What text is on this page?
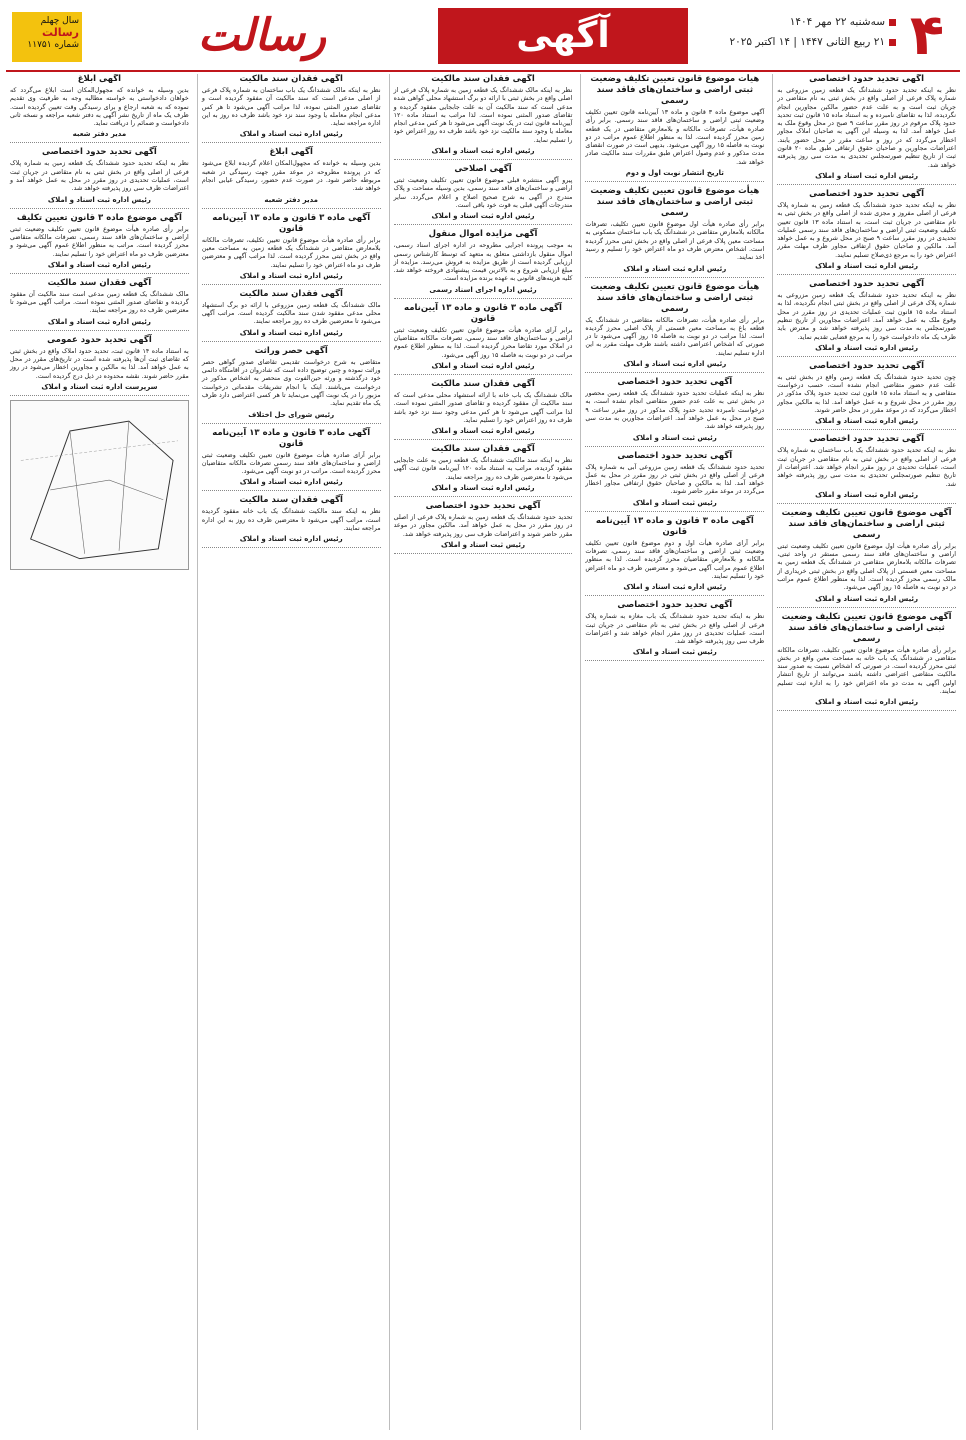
۴
سه‌شنبه ۲۲ مهر ۱۴۰۴
۲۱ ربیع الثانی ۱۴۴۷ | ۱۴ اکتبر ۲۰۲۵
آگهی
رسالت
سال چهلم
رسالت
شماره ۱۱۷۵۱
آگهی تحدید حدود اختصاصی

نظر به اینکه تحدید حدود ششدانگ یک قطعه زمین مزروعی به شماره پلاک فرعی از اصلی واقع در بخش ثبتی به نام متقاضی در جریان ثبت است و به علت عدم حضور مالکین مجاورین انجام نگردیده، لذا به تقاضای نامبرده و به استناد ماده ۱۵ قانون ثبت تحدید حدود پلاک مرقوم در روز مقرر ساعت ۹ صبح در محل وقوع ملک به عمل خواهد آمد. لذا به وسیله این آگهی به صاحبان املاک مجاور اخطار می‌گردد که در روز و ساعت مقرر در محل حضور یابند. اعتراضات مجاورین و صاحبان حقوق ارتفاقی طبق ماده ۲۰ قانون ثبت از تاریخ تنظیم صورتمجلس تحدیدی به مدت سی روز پذیرفته خواهد شد.

رئیس اداره ثبت اسناد و املاک

آگهی تحدید حدود اختصاصی

نظر به اینکه تحدید حدود ششدانگ یک قطعه زمین به شماره پلاک فرعی از اصلی مفروز و مجزی شده از اصلی واقع در بخش ثبتی به نام متقاضی در جریان ثبت است، به استناد ماده ۱۳ قانون تعیین تکلیف وضعیت ثبتی اراضی و ساختمان‌های فاقد سند رسمی عملیات تحدیدی در روز مقرر ساعت ۹ صبح در محل شروع و به عمل خواهد آمد. مالکین و صاحبان حقوق ارتفاقی مجاور ظرف مهلت مقرر اعتراض خود را به مرجع ذی‌صلاح تسلیم نمایند.

رئیس اداره ثبت اسناد و املاک

آگهی تحدید حدود اختصاصی

نظر به اینکه تحدید حدود ششدانگ یک قطعه زمین مزروعی به شماره پلاک فرعی از اصلی واقع در بخش ثبتی انجام نگردیده، لذا به استناد ماده ۱۵ قانون ثبت عملیات تحدیدی در روز مقرر در محل وقوع ملک به عمل خواهد آمد. اعتراضات مجاورین از تاریخ تنظیم صورتمجلس به مدت سی روز پذیرفته خواهد شد و معترض باید ظرف یک ماه دادخواست خود را به مرجع قضایی تقدیم نماید.

رئیس اداره ثبت اسناد و املاک

آگهی تحدید حدود اختصاصی

چون تحدید حدود ششدانگ یک قطعه زمین واقع در بخش ثبتی به علت عدم حضور متقاضی انجام نشده است، حسب درخواست متقاضی و به استناد ماده ۱۵ قانون ثبت تحدید حدود پلاک مذکور در روز مقرر در محل شروع و به عمل خواهد آمد. لذا به مالکین مجاور اخطار می‌گردد که در موعد مقرر در محل حاضر شوند.

رئیس اداره ثبت اسناد و املاک

آگهی تحدید حدود اختصاصی

نظر به اینکه تحدید حدود ششدانگ یک باب ساختمان به شماره پلاک فرعی از اصلی واقع در بخش ثبتی به نام متقاضی در جریان ثبت است، عملیات تحدیدی در روز مقرر انجام خواهد شد. اعتراضات از تاریخ تنظیم صورتمجلس تحدیدی به مدت سی روز پذیرفته خواهد شد.

رئیس اداره ثبت اسناد و املاک

آگهی موضوع قانون تعیین تکلیف وضعیت ثبتی اراضی و ساختمان‌های فاقد سند رسمی

برابر رأی صادره هیأت اول موضوع قانون تعیین تکلیف وضعیت ثبتی اراضی و ساختمان‌های فاقد سند رسمی مستقر در واحد ثبتی، تصرفات مالکانه بلامعارض متقاضی در ششدانگ یک قطعه زمین به مساحت معین قسمتی از پلاک اصلی واقع در بخش ثبتی خریداری از مالک رسمی محرز گردیده است. لذا به منظور اطلاع عموم مراتب در دو نوبت به فاصله ۱۵ روز آگهی می‌شود.

رئیس اداره ثبت اسناد و املاک

آگهی موضوع قانون تعیین تکلیف وضعیت ثبتی اراضی و ساختمان‌های فاقد سند رسمی

برابر رأی صادره هیأت موضوع قانون تعیین تکلیف، تصرفات مالکانه متقاضی در ششدانگ یک باب خانه به مساحت معین واقع در بخش ثبتی محرز گردیده است. در صورتی که اشخاص نسبت به صدور سند مالکیت متقاضی اعتراضی داشته باشند می‌توانند از تاریخ انتشار اولین آگهی به مدت دو ماه اعتراض خود را به اداره ثبت تسلیم نمایند.

رئیس اداره ثبت اسناد و املاک

هیأت موضوع قانون تعیین تکلیف وضعیت ثبتی اراضی و ساختمان‌های فاقد سند رسمی

آگهی موضوع ماده ۳ قانون و ماده ۱۳ آیین‌نامه قانون تعیین تکلیف وضعیت ثبتی اراضی و ساختمان‌های فاقد سند رسمی. برابر رأی صادره هیأت، تصرفات مالکانه و بلامعارض متقاضی در یک قطعه زمین محرز گردیده است. لذا به منظور اطلاع عموم مراتب در دو نوبت به فاصله ۱۵ روز آگهی می‌شود. بدیهی است در صورت انقضای مدت مذکور و عدم وصول اعتراض طبق مقررات سند مالکیت صادر خواهد شد.

تاریخ انتشار نوبت اول و دوم

هیأت موضوع قانون تعیین تکلیف وضعیت ثبتی اراضی و ساختمان‌های فاقد سند رسمی

برابر رأی صادره هیأت اول موضوع قانون تعیین تکلیف، تصرفات مالکانه بلامعارض متقاضی در ششدانگ یک باب ساختمان مسکونی به مساحت معین پلاک فرعی از اصلی واقع در بخش ثبتی محرز گردیده است. اشخاص معترض ظرف دو ماه اعتراض خود را تسلیم و رسید اخذ نمایند.

رئیس اداره ثبت اسناد و املاک

هیأت موضوع قانون تعیین تکلیف وضعیت ثبتی اراضی و ساختمان‌های فاقد سند رسمی

برابر رأی صادره هیأت، تصرفات مالکانه متقاضی در ششدانگ یک قطعه باغ به مساحت معین قسمتی از پلاک اصلی محرز گردیده است. لذا مراتب در دو نوبت به فاصله ۱۵ روز آگهی می‌شود تا در صورتی که اشخاص اعتراضی داشته باشند ظرف مهلت مقرر به این اداره تسلیم نمایند.

رئیس اداره ثبت اسناد و املاک

آگهی تحدید حدود اختصاصی

نظر به اینکه عملیات تحدید حدود ششدانگ یک قطعه زمین محصور در بخش ثبتی به علت عدم حضور متقاضی انجام نشده است، به درخواست نامبرده تحدید حدود پلاک مذکور در روز مقرر ساعت ۹ صبح در محل به عمل خواهد آمد. اعتراضات مجاورین به مدت سی روز پذیرفته خواهد شد.

رئیس ثبت اسناد و املاک

آگهی تحدید حدود اختصاصی

تحدید حدود ششدانگ یک قطعه زمین مزروعی آبی به شماره پلاک فرعی از اصلی واقع در بخش ثبتی در روز مقرر در محل به عمل خواهد آمد. لذا به مالکین و صاحبان حقوق ارتفاقی مجاور اخطار می‌گردد در موعد مقرر حاضر شوند.

رئیس ثبت اسناد و املاک

آگهی ماده ۳ قانون و ماده ۱۳ آیین‌نامه قانون

برابر آرای صادره هیأت اول و دوم موضوع قانون تعیین تکلیف وضعیت ثبتی اراضی و ساختمان‌های فاقد سند رسمی، تصرفات مالکانه و بلامعارض متقاضیان محرز گردیده است. لذا به منظور اطلاع عموم مراتب آگهی می‌شود و معترضین ظرف دو ماه اعتراض خود را تسلیم نمایند.

رئیس اداره ثبت اسناد و املاک

آگهی تحدید حدود اختصاصی

نظر به اینکه تحدید حدود ششدانگ یک باب مغازه به شماره پلاک فرعی از اصلی واقع در بخش ثبتی به نام متقاضی در جریان ثبت است، عملیات تحدیدی در روز مقرر انجام خواهد شد و اعتراضات ظرف سی روز پذیرفته خواهد شد.

رئیس ثبت اسناد و املاک

آگهی فقدان سند مالکیت

نظر به اینکه مالک ششدانگ یک قطعه زمین به شماره پلاک فرعی از اصلی واقع در بخش ثبتی با ارائه دو برگ استشهاد محلی گواهی شده مدعی است که سند مالکیت آن به علت جابجایی مفقود گردیده و تقاضای صدور المثنی نموده است. لذا مراتب به استناد ماده ۱۲۰ آیین‌نامه قانون ثبت در یک نوبت آگهی می‌شود تا هر کس مدعی انجام معامله یا وجود سند مالکیت نزد خود باشد ظرف ده روز اعتراض خود را تسلیم نماید.

رئیس اداره ثبت اسناد و املاک

آگهی اصلاحی

پیرو آگهی منتشره قبلی موضوع قانون تعیین تکلیف وضعیت ثبتی اراضی و ساختمان‌های فاقد سند رسمی، بدین وسیله مساحت و پلاک مندرج در آگهی به شرح صحیح اصلاح و اعلام می‌گردد. سایر مندرجات آگهی قبلی به قوت خود باقی است.

رئیس اداره ثبت اسناد و املاک

آگهی مزایده اموال منقول

به موجب پرونده اجرایی مطروحه در اداره اجرای اسناد رسمی، اموال منقول بازداشتی متعلق به متعهد که توسط کارشناس رسمی ارزیابی گردیده است از طریق مزایده به فروش می‌رسد. مزایده از مبلغ ارزیابی شروع و به بالاترین قیمت پیشنهادی فروخته خواهد شد. کلیه هزینه‌های قانونی به عهده برنده مزایده است.

رئیس اداره اجرای اسناد رسمی

آگهی ماده ۳ قانون و ماده ۱۳ آیین‌نامه قانون

برابر آرای صادره هیأت موضوع قانون تعیین تکلیف وضعیت ثبتی اراضی و ساختمان‌های فاقد سند رسمی، تصرفات مالکانه متقاضیان در املاک مورد تقاضا محرز گردیده است. لذا به منظور اطلاع عموم مراتب در دو نوبت به فاصله ۱۵ روز آگهی می‌شود.

رئیس اداره ثبت اسناد و املاک

آگهی فقدان سند مالکیت

مالک ششدانگ یک باب خانه با ارائه استشهاد محلی مدعی است که سند مالکیت آن مفقود گردیده و تقاضای صدور المثنی نموده است. لذا مراتب آگهی می‌شود تا هر کس مدعی وجود سند نزد خود باشد ظرف ده روز اعتراض خود را تسلیم نماید.

رئیس اداره ثبت اسناد و املاک

آگهی فقدان سند مالکیت

نظر به اینکه سند مالکیت ششدانگ یک قطعه زمین به علت جابجایی مفقود گردیده، مراتب به استناد ماده ۱۲۰ آیین‌نامه قانون ثبت آگهی می‌شود تا معترضین ظرف ده روز مراجعه نمایند.

رئیس اداره ثبت اسناد و املاک

آگهی تحدید حدود اختصاصی

تحدید حدود ششدانگ یک قطعه زمین به شماره پلاک فرعی از اصلی در روز مقرر در محل به عمل خواهد آمد. مالکین مجاور در موعد مقرر حاضر شوند و اعتراضات ظرف سی روز پذیرفته خواهد شد.

رئیس ثبت اسناد و املاک

آگهی فقدان سند مالکیت

نظر به اینکه مالک ششدانگ یک باب ساختمان به شماره پلاک فرعی از اصلی مدعی است که سند مالکیت آن مفقود گردیده است و تقاضای صدور المثنی نموده، لذا مراتب آگهی می‌شود تا هر کس مدعی انجام معامله یا وجود سند نزد خود باشد ظرف ده روز به این اداره مراجعه نماید.

رئیس اداره ثبت اسناد و املاک

آگهی ابلاغ

بدین وسیله به خوانده که مجهول‌المکان اعلام گردیده ابلاغ می‌شود که در پرونده مطروحه در موعد مقرر جهت رسیدگی در شعبه مربوطه حاضر شود. در صورت عدم حضور، رسیدگی غیابی انجام خواهد شد.

مدیر دفتر شعبه

آگهی ماده ۳ قانون و ماده ۱۳ آیین‌نامه قانون

برابر رأی صادره هیأت موضوع قانون تعیین تکلیف، تصرفات مالکانه بلامعارض متقاضی در ششدانگ یک قطعه زمین به مساحت معین واقع در بخش ثبتی محرز گردیده است. لذا مراتب آگهی و معترضین ظرف دو ماه اعتراض خود را تسلیم نمایند.

رئیس اداره ثبت اسناد و املاک

آگهی فقدان سند مالکیت

مالک ششدانگ یک قطعه زمین مزروعی با ارائه دو برگ استشهاد محلی مدعی مفقود شدن سند مالکیت گردیده است. مراتب آگهی می‌شود تا معترضین ظرف ده روز مراجعه نمایند.

رئیس اداره ثبت اسناد و املاک

آگهی حصر وراثت

متقاضی به شرح درخواست تقدیمی تقاضای صدور گواهی حصر وراثت نموده و چنین توضیح داده است که شادروان در اقامتگاه دائمی خود درگذشته و ورثه حین‌الفوت وی منحصر به اشخاص مذکور در درخواست می‌باشند. اینک با انجام تشریفات مقدماتی درخواست مزبور را در یک نوبت آگهی می‌نماید تا هر کسی اعتراضی دارد ظرف یک ماه تقدیم نماید.

رئیس شورای حل اختلاف

آگهی ماده ۳ قانون و ماده ۱۳ آیین‌نامه قانون

برابر آرای صادره هیأت موضوع قانون تعیین تکلیف وضعیت ثبتی اراضی و ساختمان‌های فاقد سند رسمی تصرفات مالکانه متقاضیان محرز گردیده است. مراتب در دو نوبت آگهی می‌شود.

رئیس اداره ثبت اسناد و املاک

آگهی فقدان سند مالکیت

نظر به اینکه سند مالکیت ششدانگ یک باب خانه مفقود گردیده است، مراتب آگهی می‌شود تا معترضین ظرف ده روز به این اداره مراجعه نمایند.

رئیس اداره ثبت اسناد و املاک

آگهی ابلاغ

بدین وسیله به خوانده که مجهول‌المکان است ابلاغ می‌گردد که خواهان دادخواستی به خواسته مطالبه وجه به طرفیت وی تقدیم نموده که به شعبه ارجاع و برای رسیدگی وقت تعیین گردیده است. ظرف یک ماه از تاریخ نشر آگهی به دفتر شعبه مراجعه و نسخه ثانی دادخواست و ضمائم را دریافت نماید.

مدیر دفتر شعبه

آگهی تحدید حدود اختصاصی

نظر به اینکه تحدید حدود ششدانگ یک قطعه زمین به شماره پلاک فرعی از اصلی واقع در بخش ثبتی به نام متقاضی در جریان ثبت است، عملیات تحدیدی در روز مقرر در محل به عمل خواهد آمد و اعتراضات ظرف سی روز پذیرفته خواهد شد.

رئیس اداره ثبت اسناد و املاک

آگهی موضوع ماده ۳ قانون تعیین تکلیف

برابر رأی صادره هیأت موضوع قانون تعیین تکلیف وضعیت ثبتی اراضی و ساختمان‌های فاقد سند رسمی، تصرفات مالکانه متقاضی محرز گردیده است. مراتب به منظور اطلاع عموم آگهی می‌شود و معترضین ظرف دو ماه اعتراض خود را تسلیم نمایند.

رئیس اداره ثبت اسناد و املاک

آگهی فقدان سند مالکیت

مالک ششدانگ یک قطعه زمین مدعی است سند مالکیت آن مفقود گردیده و تقاضای صدور المثنی نموده است. مراتب آگهی می‌شود تا معترضین ظرف ده روز مراجعه نمایند.

رئیس اداره ثبت اسناد و املاک

آگهی تحدید حدود عمومی

به استناد ماده ۱۴ قانون ثبت، تحدید حدود املاک واقع در بخش ثبتی که تقاضای ثبت آن‌ها پذیرفته شده است در تاریخ‌های مقرر در محل به عمل خواهد آمد. لذا به مالکین و مجاورین اخطار می‌شود در روز مقرر حاضر شوند. نقشه محدوده در ذیل درج گردیده است.

سرپرست اداره ثبت اسناد و املاک
